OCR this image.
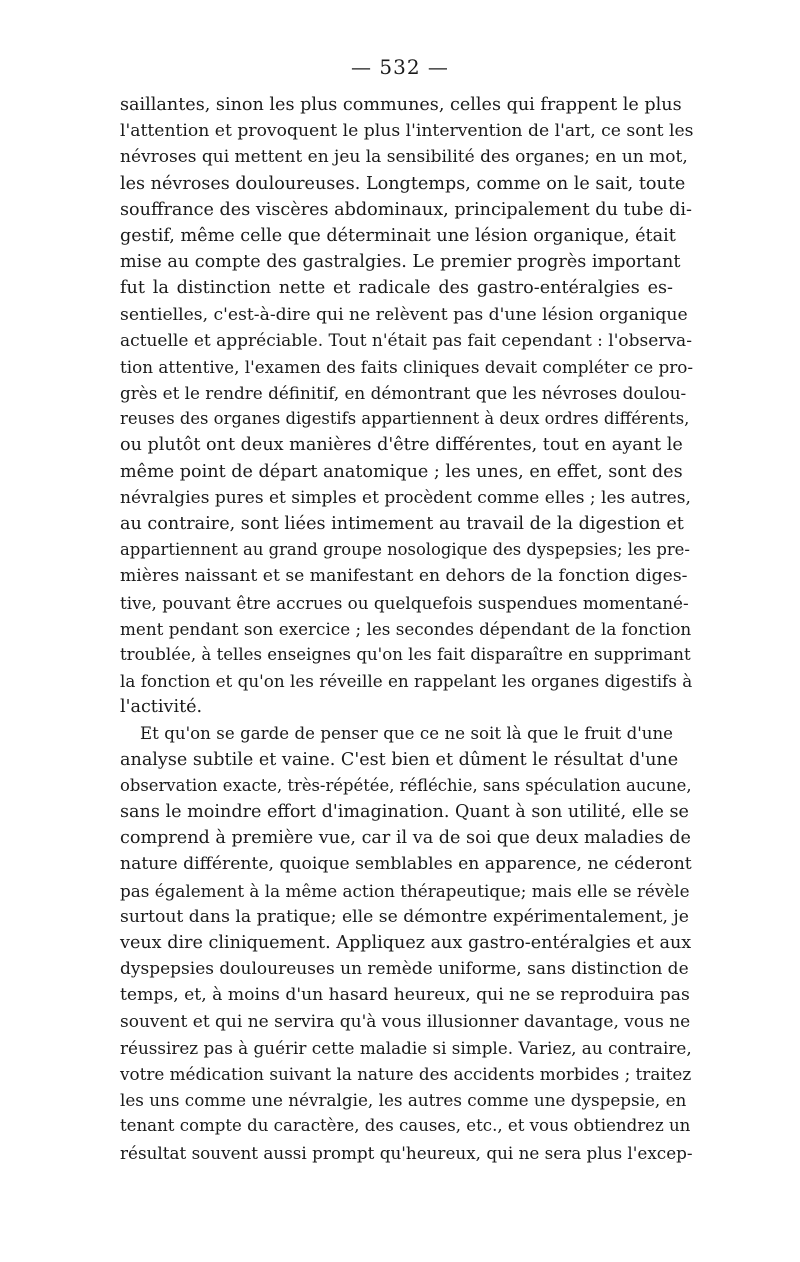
— 532 —
saillantes, sinon les plus communes, celles qui frappent le plus
l'attention et provoquent le plus l'intervention de l'art, ce sont les
névroses qui mettent en jeu la sensibilité des organes; en un mot,
les névroses douloureuses. Longtemps, comme on le sait, toute
souffrance des viscères abdominaux, principalement du tube di-
gestif, même celle que déterminait une lésion organique, était
mise au compte des gastralgies. Le premier progrès important
fut la distinction nette et radicale des gastro-entéralgies es-
sentielles, c'est-à-dire qui ne relèvent pas d'une lésion organique
actuelle et appréciable. Tout n'était pas fait cependant : l'observa-
tion attentive, l'examen des faits cliniques devait compléter ce pro-
grès et le rendre définitif, en démontrant que les névroses doulou-
reuses des organes digestifs appartiennent à deux ordres différents,
ou plutôt ont deux manières d'être différentes, tout en ayant le
même point de départ anatomique ; les unes, en effet, sont des
névralgies pures et simples et procèdent comme elles ; les autres,
au contraire, sont liées intimement au travail de la digestion et
appartiennent au grand groupe nosologique des dyspepsies; les pre-
mières naissant et se manifestant en dehors de la fonction diges-
tive, pouvant être accrues ou quelquefois suspendues momentané-
ment pendant son exercice ; les secondes dépendant de la fonction
troublée, à telles enseignes qu'on les fait disparaître en supprimant
la fonction et qu'on les réveille en rappelant les organes digestifs à
l'activité.
Et qu'on se garde de penser que ce ne soit là que le fruit d'une
analyse subtile et vaine. C'est bien et dûment le résultat d'une
observation exacte, très-répétée, réfléchie, sans spéculation aucune,
sans le moindre effort d'imagination. Quant à son utilité, elle se
comprend à première vue, car il va de soi que deux maladies de
nature différente, quoique semblables en apparence, ne céderont
pas également à la même action thérapeutique; mais elle se révèle
surtout dans la pratique; elle se démontre expérimentalement, je
veux dire cliniquement. Appliquez aux gastro-entéralgies et aux
dyspepsies douloureuses un remède uniforme, sans distinction de
temps, et, à moins d'un hasard heureux, qui ne se reproduira pas
souvent et qui ne servira qu'à vous illusionner davantage, vous ne
réussirez pas à guérir cette maladie si simple. Variez, au contraire,
votre médication suivant la nature des accidents morbides ; traitez
les uns comme une névralgie, les autres comme une dyspepsie, en
tenant compte du caractère, des causes, etc., et vous obtiendrez un
résultat souvent aussi prompt qu'heureux, qui ne sera plus l'excep-
